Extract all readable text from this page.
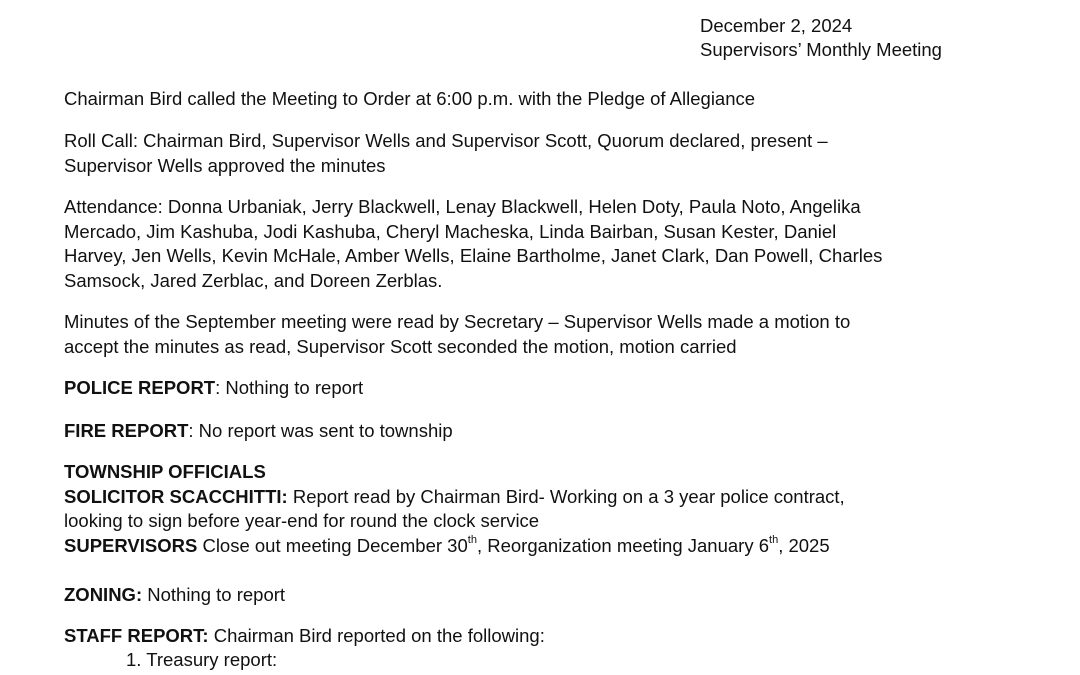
December 2, 2024
Supervisors’ Monthly Meeting

Chairman Bird called the Meeting to Order at 6:00 p.m. with the Pledge of Allegiance

Roll Call: Chairman Bird, Supervisor Wells and Supervisor Scott, Quorum declared, present –
Supervisor Wells approved the minutes
Attendance: Donna Urbaniak, Jerry Blackwell, Lenay Blackwell, Helen Doty, Paula Noto, Angelika
Mercado, Jim Kashuba, Jodi Kashuba, Cheryl Macheska, Linda Bairban, Susan Kester, Daniel
Harvey, Jen Wells, Kevin McHale, Amber Wells, Elaine Bartholme, Janet Clark, Dan Powell, Charles
Samsock, Jared Zerblac, and Doreen Zerblas.
Minutes of the September meeting were read by Secretary – Supervisor Wells made a motion to
accept the minutes as read, Supervisor Scott seconded the motion, motion carried
POLICE REPORT: Nothing to report
FIRE REPORT: No report was sent to township
TOWNSHIP OFFICIALS
SOLICITOR SCACCHITTI: Report read by Chairman Bird- Working on a 3 year police contract,
looking to sign before year-end for round the clock service
SUPERVISORS Close out meeting December 30th, Reorganization meeting January 6th, 2025
ZONING: Nothing to report
STAFF REPORT: Chairman Bird reported on the following:
1. Treasury report:
